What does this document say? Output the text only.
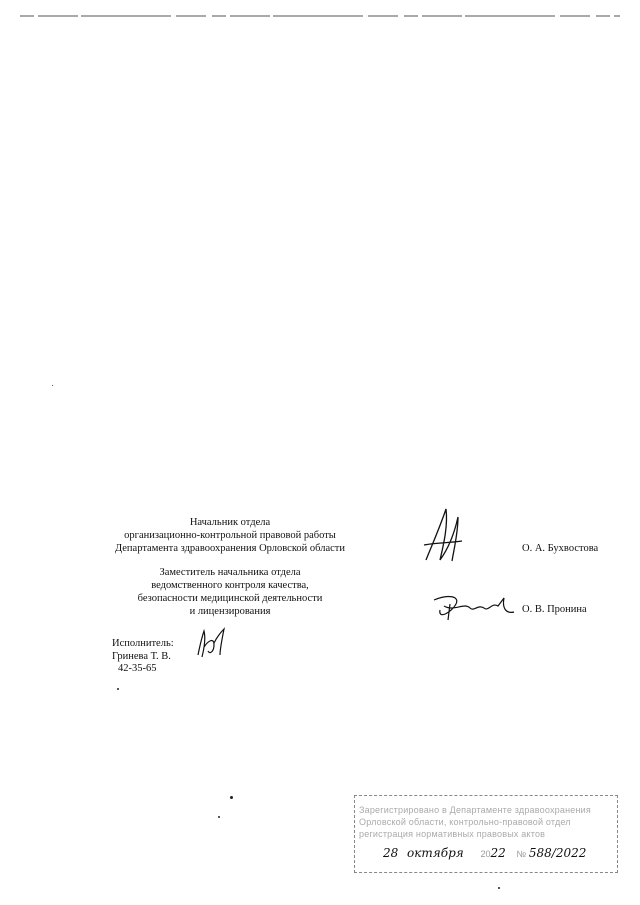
Начальник отдела
организационно-контрольной правовой работы
Департамента здравоохранения Орловской области	О. А. Бухвостова
Заместитель начальника отдела
ведомственного контроля качества,
безопасности медицинской деятельности
и лицензирования	О. В. Пронина
Исполнитель:
Гринева Т. В.
42-35-65
Зарегистрировано в Департаменте здравоохранения
Орловской области, контрольно-правовой отдел
регистрация нормативных правовых актов
28 октября 2022 № 588/2022
